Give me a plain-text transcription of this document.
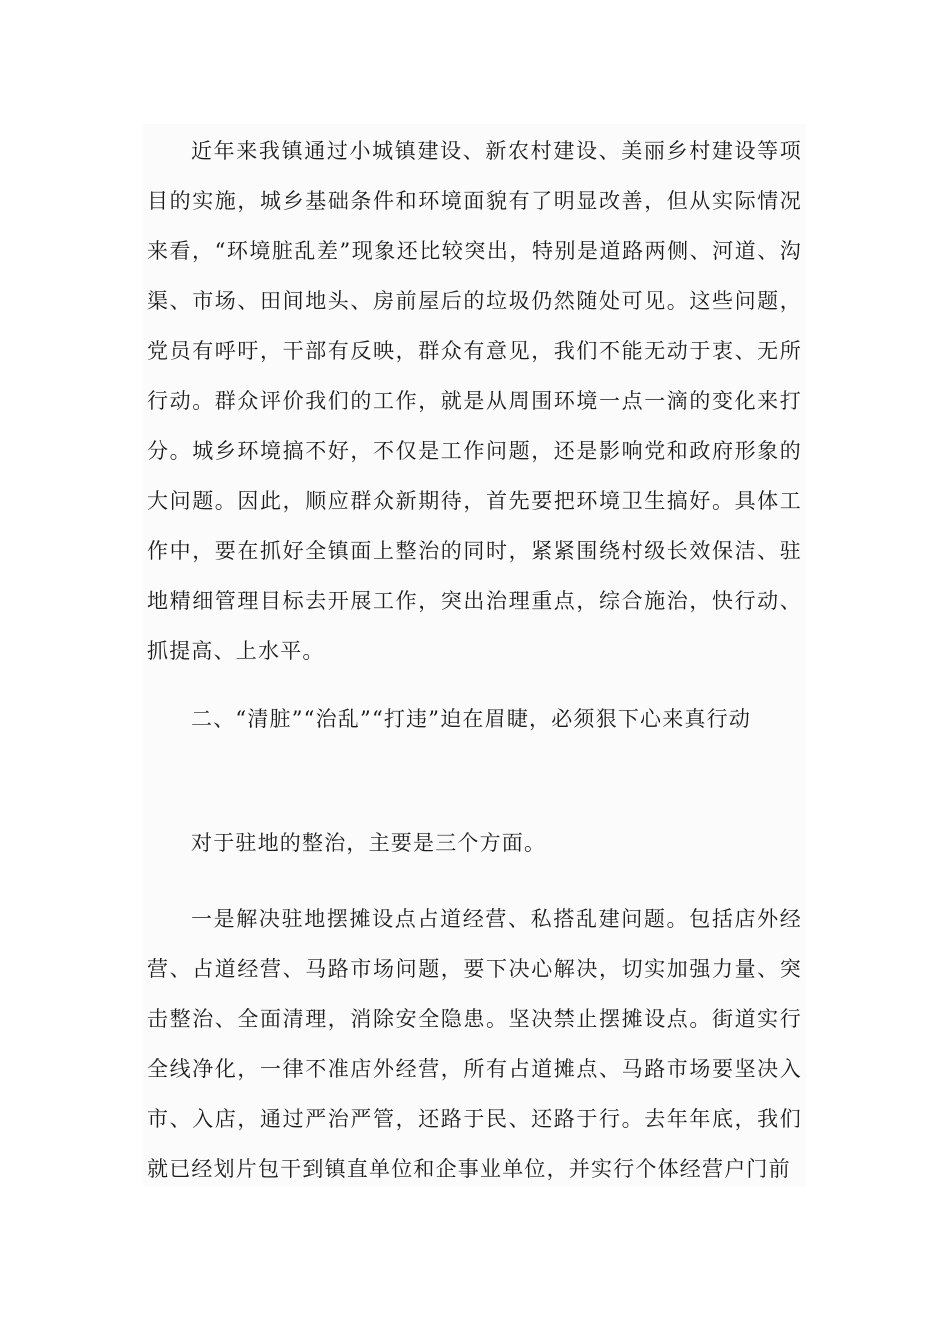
近年来我镇通过小城镇建设、新农村建设、美丽乡村建设等项目的实施，城乡基础条件和环境面貌有了明显改善，但从实际情况来看，“环境脏乱差”现象还比较突出，特别是道路两侧、河道、沟渠、市场、田间地头、房前屋后的垃圾仍然随处可见。这些问题，党员有呼吁，干部有反映，群众有意见，我们不能无动于衷、无所行动。群众评价我们的工作，就是从周围环境一点一滴的变化来打分。城乡环境搞不好，不仅是工作问题，还是影响党和政府形象的大问题。因此，顺应群众新期待，首先要把环境卫生搞好。具体工作中，要在抓好全镇面上整治的同时，紧紧围绕村级长效保洁、驻地精细管理目标去开展工作，突出治理重点，综合施治，快行动、抓提高、上水平。

二、“清脏”“治乱”“打违”迫在眉睫，必须狠下心来真行动

对于驻地的整治，主要是三个方面。

一是解决驻地摆摊设点占道经营、私搭乱建问题。包括店外经营、占道经营、马路市场问题，要下决心解决，切实加强力量、突击整治、全面清理，消除安全隐患。坚决禁止摆摊设点。街道实行全线净化，一律不准店外经营，所有占道摊点、马路市场要坚决入市、入店，通过严治严管，还路于民、还路于行。去年年底，我们就已经划片包干到镇直单位和企事业单位，并实行个体经营户门前
